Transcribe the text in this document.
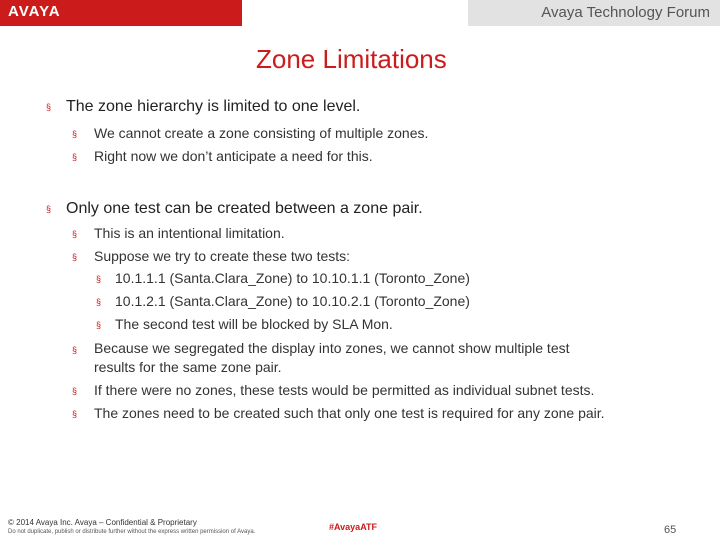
AVAYA	Avaya Technology Forum
Zone Limitations
§ The zone hierarchy is limited to one level.
§ We cannot create a zone consisting of multiple zones.
§ Right now we don’t anticipate a need for this.
§ Only one test can be created between a zone pair.
§ This is an intentional limitation.
§ Suppose we try to create these two tests:
§ 10.1.1.1 (Santa.Clara_Zone) to 10.10.1.1 (Toronto_Zone)
§ 10.1.2.1 (Santa.Clara_Zone) to 10.10.2.1 (Toronto_Zone)
§ The second test will be blocked by SLA Mon.
§ Because we segregated the display into zones, we cannot show multiple test
results for the same zone pair.
§ If there were no zones, these tests would be permitted as individual subnet tests.
§ The zones need to be created such that only one test is required for any zone pair.
© 2014 Avaya Inc. Avaya – Confidential & Proprietary
Do not duplicate, publish or distribute further without the express written permission of Avaya.	#AvayaATF	65
